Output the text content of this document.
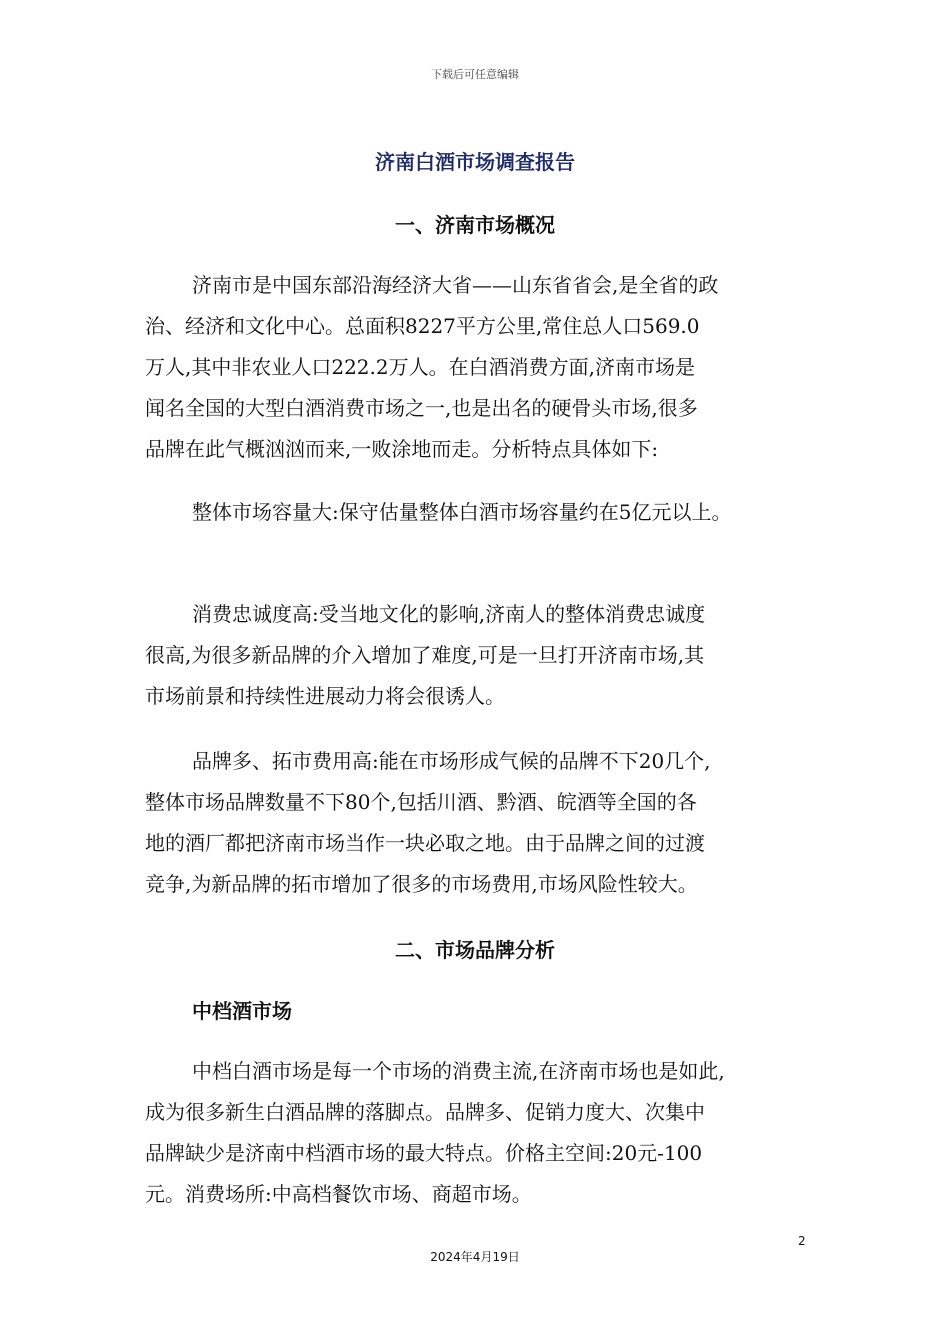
下载后可任意编辑
济南白酒市场调查报告
一、济南市场概况

济南市是中国东部沿海经济大省——山东省省会,是全省的政
治、经济和文化中心。总面积8227平方公里,常住总人口569.0
万人,其中非农业人口222.2万人。在白酒消费方面,济南市场是
闻名全国的大型白酒消费市场之一,也是出名的硬骨头市场,很多
品牌在此气概汹汹而来,一败涂地而走。分析特点具体如下:

整体市场容量大:保守估量整体白酒市场容量约在5亿元以上。

消费忠诚度高:受当地文化的影响,济南人的整体消费忠诚度
很高,为很多新品牌的介入增加了难度,可是一旦打开济南市场,其
市场前景和持续性进展动力将会很诱人。

品牌多、拓市费用高:能在市场形成气候的品牌不下20几个,
整体市场品牌数量不下80个,包括川酒、黔酒、皖酒等全国的各
地的酒厂都把济南市场当作一块必取之地。由于品牌之间的过渡
竞争,为新品牌的拓市增加了很多的市场费用,市场风险性较大。

二、市场品牌分析
中档酒市场

中档白酒市场是每一个市场的消费主流,在济南市场也是如此,
成为很多新生白酒品牌的落脚点。品牌多、促销力度大、次集中
品牌缺少是济南中档酒市场的最大特点。价格主空间:20元-100
元。消费场所:中高档餐饮市场、商超市场。

2
2024年4月19日
